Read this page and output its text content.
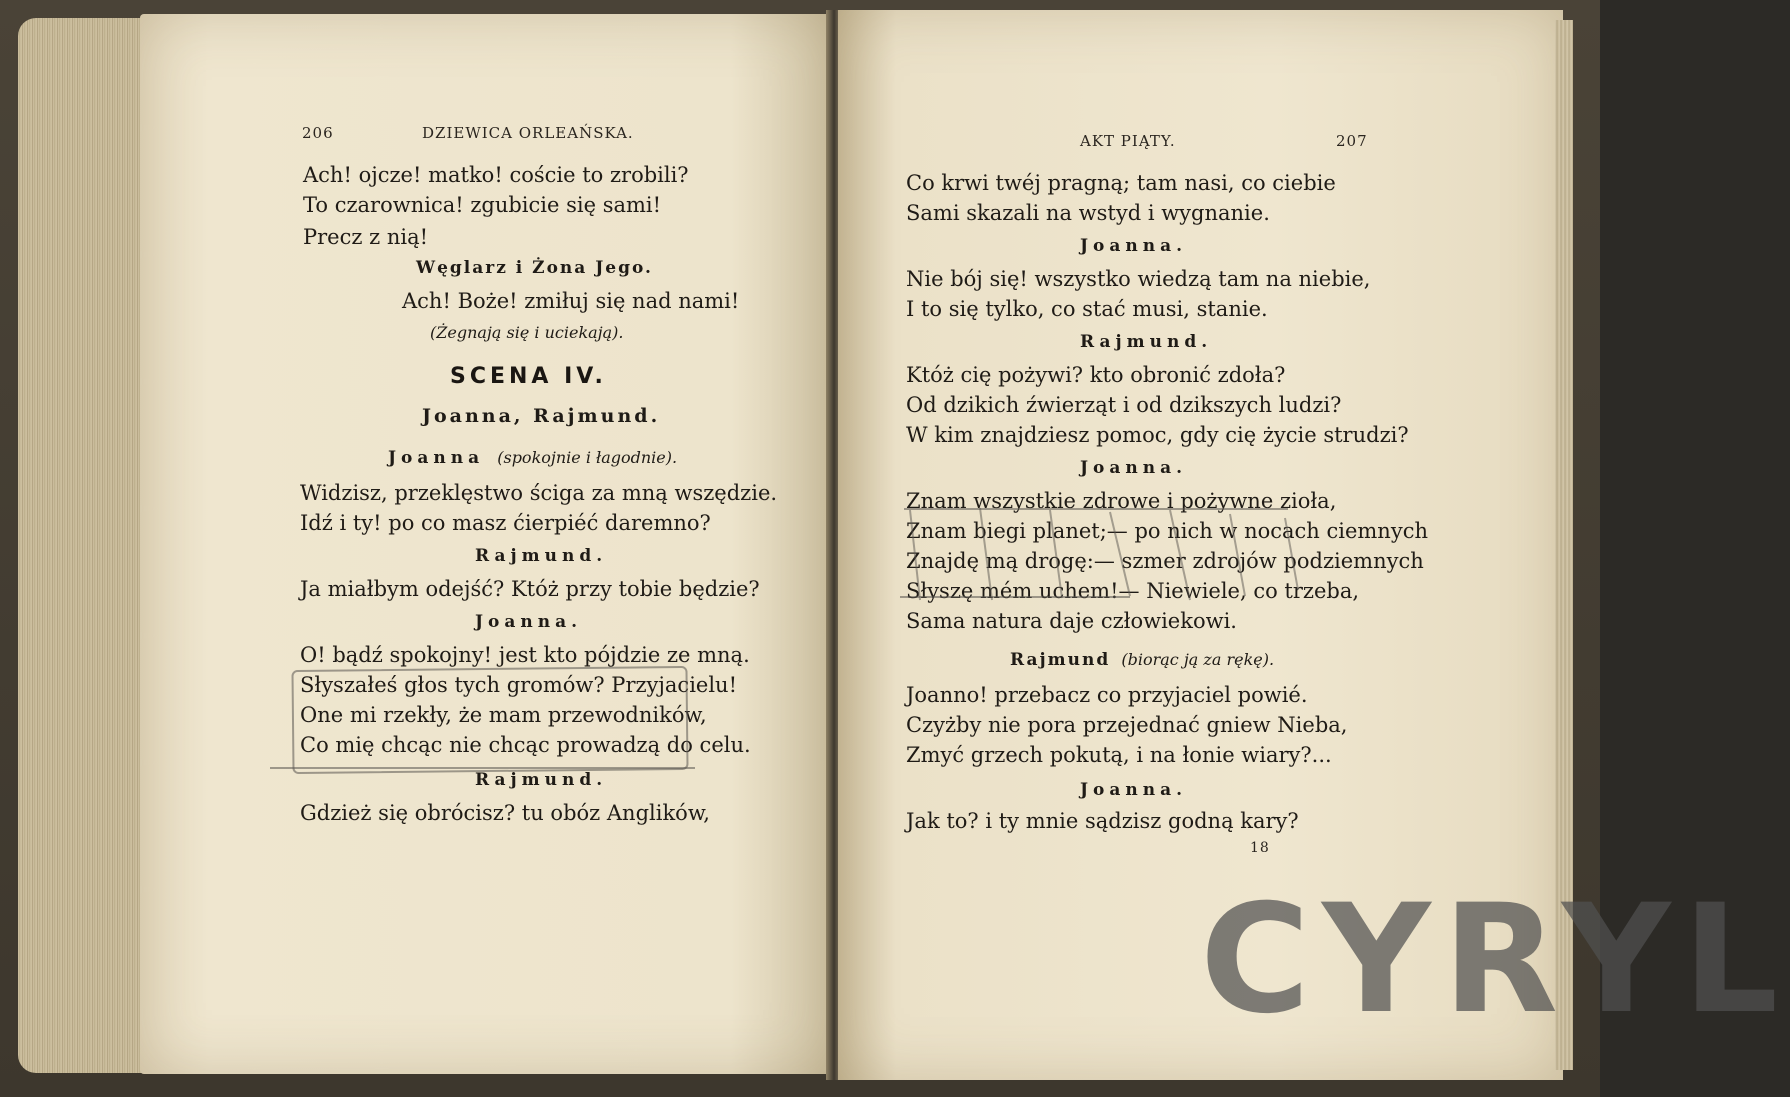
206	DZIEWICA ORLEAŃSKA.
Ach! ojcze! matko! coście to zrobili?
To czarownica! zgubicie się sami!
Precz z nią!
Węglarz i Żona Jego.
Ach! Boże! zmiłuj się nad nami!
(Żegnają się i uciekają).
SCENA IV.
Joanna, Rajmund.
Joanna (spokojnie i łagodnie).
Widzisz, przeklęstwo ściga za mną wszędzie.
Idź i ty! po co masz ćierpiéć daremno?
Rajmund.
Ja miałbym odejść? Któż przy tobie będzie?
Joanna.
O! bądź spokojny! jest kto pójdzie ze mną.
Słyszałeś głos tych gromów? Przyjacielu!
One mi rzekły, że mam przewodników,
Co mię chcąc nie chcąc prowadzą do celu.
Rajmund.
Gdzież się obrócisz? tu obóz Anglików,
AKT PIĄTY.	207
Co krwi twéj pragną; tam nasi, co ciebie
Sami skazali na wstyd i wygnanie.
Joanna.
Nie bój się! wszystko wiedzą tam na niebie,
I to się tylko, co stać musi, stanie.
Rajmund.
Któż cię pożywi? kto obronić zdoła?
Od dzikich źwierząt i od dzikszych ludzi?
W kim znajdziesz pomoc, gdy cię życie strudzi?
Joanna.
Znam wszystkie zdrowe i pożywne zioła,
Znam biegi planet;— po nich w nocach ciemnych
Znajdę mą drogę:— szmer zdrojów podziemnych
Słyszę mém uchem!— Niewiele, co trzeba,
Sama natura daje człowiekowi.
Rajmund (biorąc ją za rękę).
Joanno! przebacz co przyjaciel powié.
Czyżby nie pora przejednać gniew Nieba,
Zmyć grzech pokutą, i na łonie wiary?...
Joanna.
Jak to? i ty mnie sądzisz godną kary?
18
CYRYL
